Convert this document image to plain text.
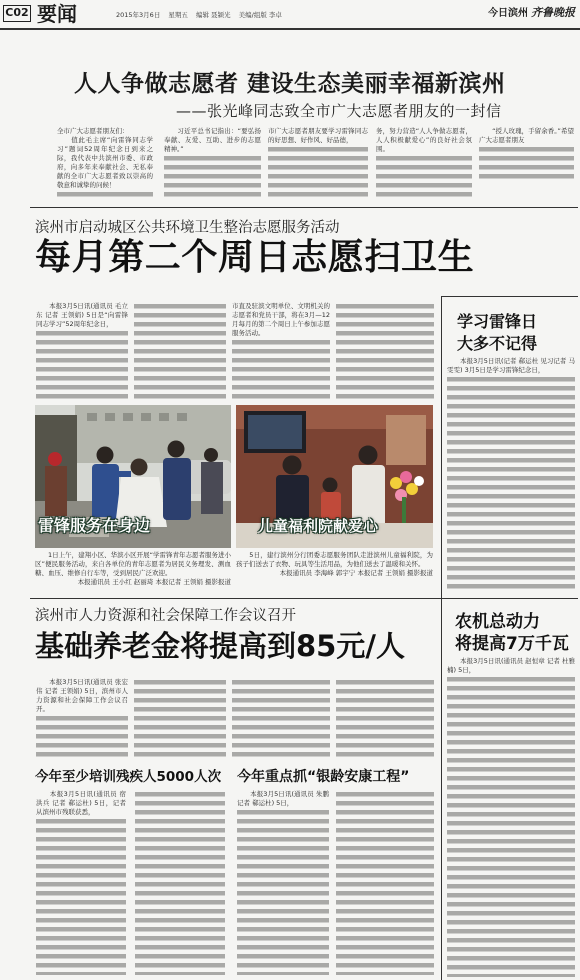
C02 要闻	2015年3月6日 星期五 编辑 聂颍光 美编/组版 李卓	今日滨州 齐鲁晚报
人人争做志愿者 建设生态美丽幸福新滨州
——张光峰同志致全市广大志愿者朋友的一封信
全市广大志愿者朋友们：
　　值此毛主席“向雷锋同志学习”题词52周年纪念日到来之际，我代表中共滨州市委、市政府，向多年来奉献社会、无私奉献的全市广大志愿者致以崇高的敬意和诚挚的问候！
　　习近平总书记指出：“要弘扬奉献、友爱、互助、进步的志愿精神。”
市广大志愿者朋友要学习雷锋同志的好思想、好作风、好品德，
务，努力营造“人人争做志愿者，人人积极献爱心”的良好社会氛围。
　　“授人玫瑰，手留余香。”希望广大志愿者朋友
滨州市启动城区公共环境卫生整治志愿服务活动
每月第二个周日志愿扫卫生
　　本报3月5日讯(通讯员 毛立东 记者 王领娟) 5日是“向雷锋同志学习”52周年纪念日，
市直及驻滨文明单位、文明机关的志愿者和党员干部，将在3月—12月每月的第二个周日上午参加志愿服务活动。
雷锋服务在身边	儿童福利院献爱心
　　1日上午，建翔小区、华滨小区开展“学雷锋青年志愿者服务进小区”便民服务活动，来自各单位的青年志愿者为居民义务理发、测血糖、血压、维修自行车等，受到居民广泛欢迎。
本报通讯员 王小红 赵丽琦 本报记者 王领娟 摄影报道
　　5日，建行滨州分行团委志愿服务团队走进滨州儿童福利院，为孩子们送去了衣物、玩具等生活用品，为他们送去了温暖和关怀。
本报通讯员 李海峰 郭宇宁 本报记者 王领娟 摄影报道
学习雷锋日
大多不记得
　　本报3月5日讯(记者 郗运杜 见习记者 马雯雯) 3月5日是学习雷锋纪念日，
农机总动力
将提高7万千瓦
　　本报3月5日讯(通讯员 赵恒章 记者 杜雅楠) 5日，
滨州市人力资源和社会保障工作会议召开
基础养老金将提高到85元/人
　　本报3月5日讯(通讯员 张宏伟 记者 王领娟) 5日，滨州市人力资源和社会保障工作会议召开。
今年至少培训残疾人5000人次 今年重点抓“银龄安康工程”
　　本报3月5日讯(通讯员 宿洪兵 记者 郗运杜) 5日，记者从滨州市残联获悉，
　　本报3月5日讯(通讯员 朱鹏 记者 郗运杜) 5日，
